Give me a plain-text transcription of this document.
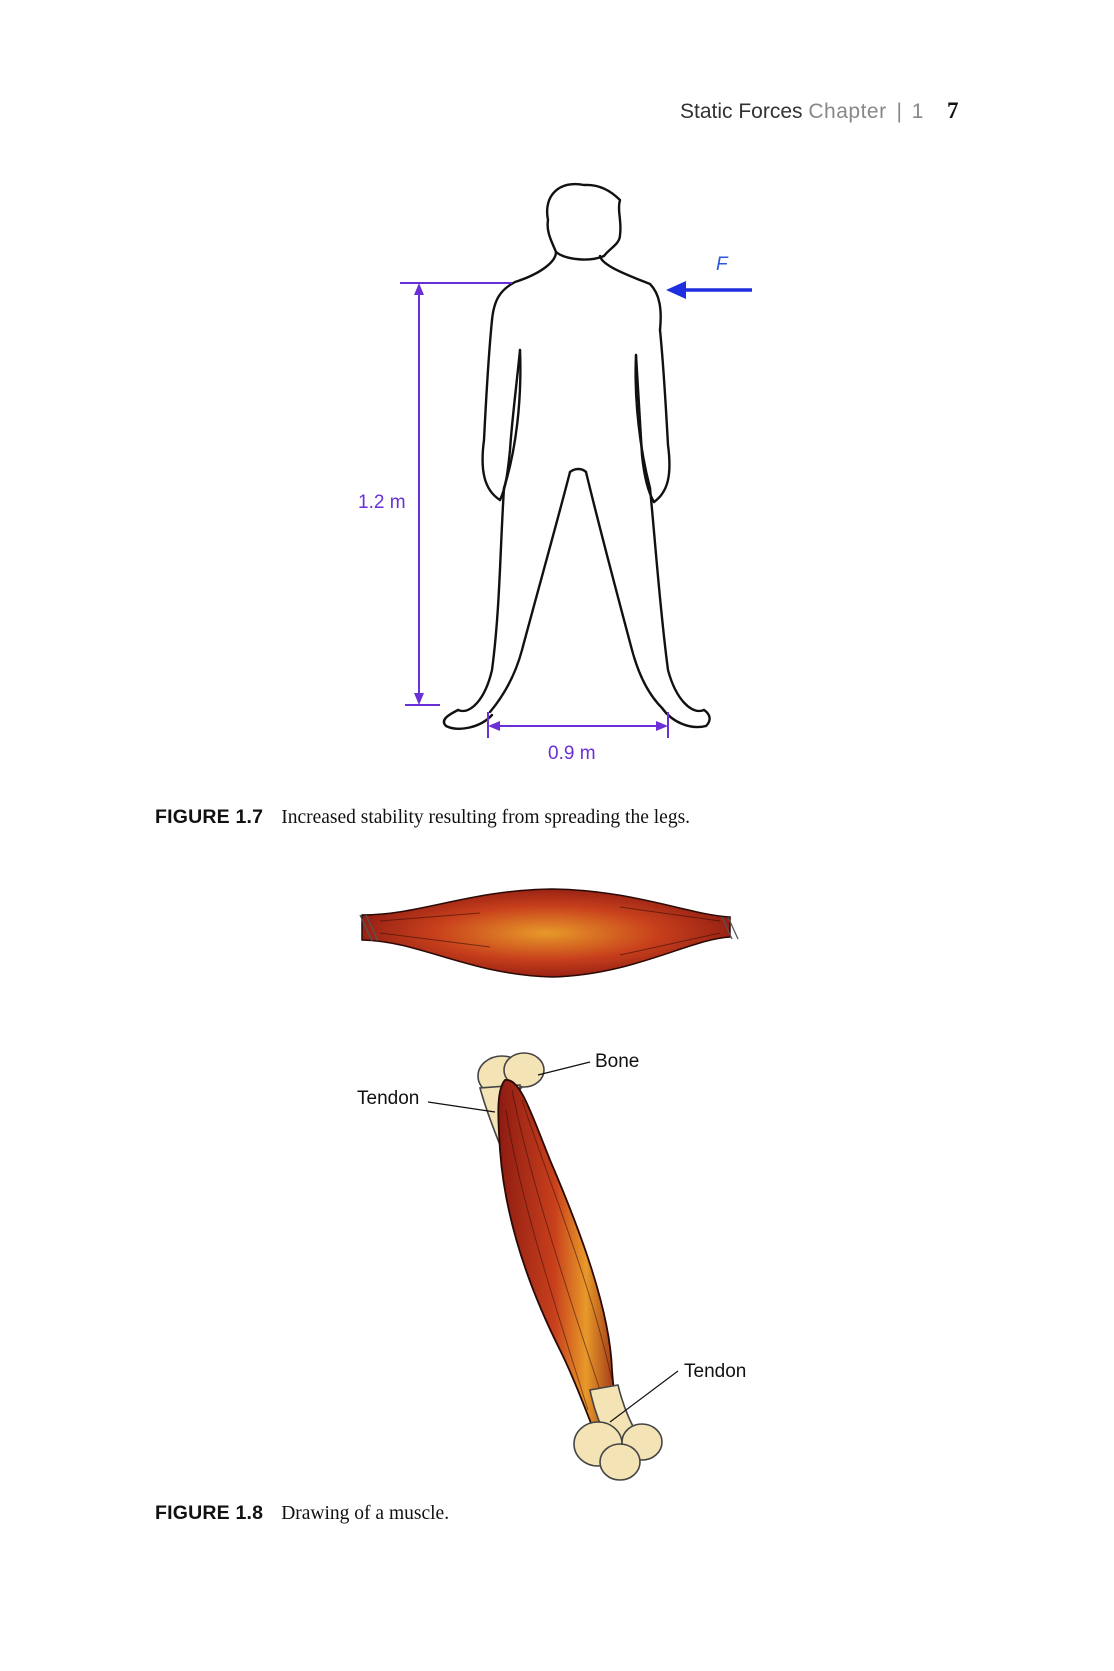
Static Forces Chapter | 1 7
1.2 m
0.9 m
F
FIGURE 1.7 Increased stability resulting from spreading the legs.
Bone
Tendon
Tendon
FIGURE 1.8 Drawing of a muscle.
